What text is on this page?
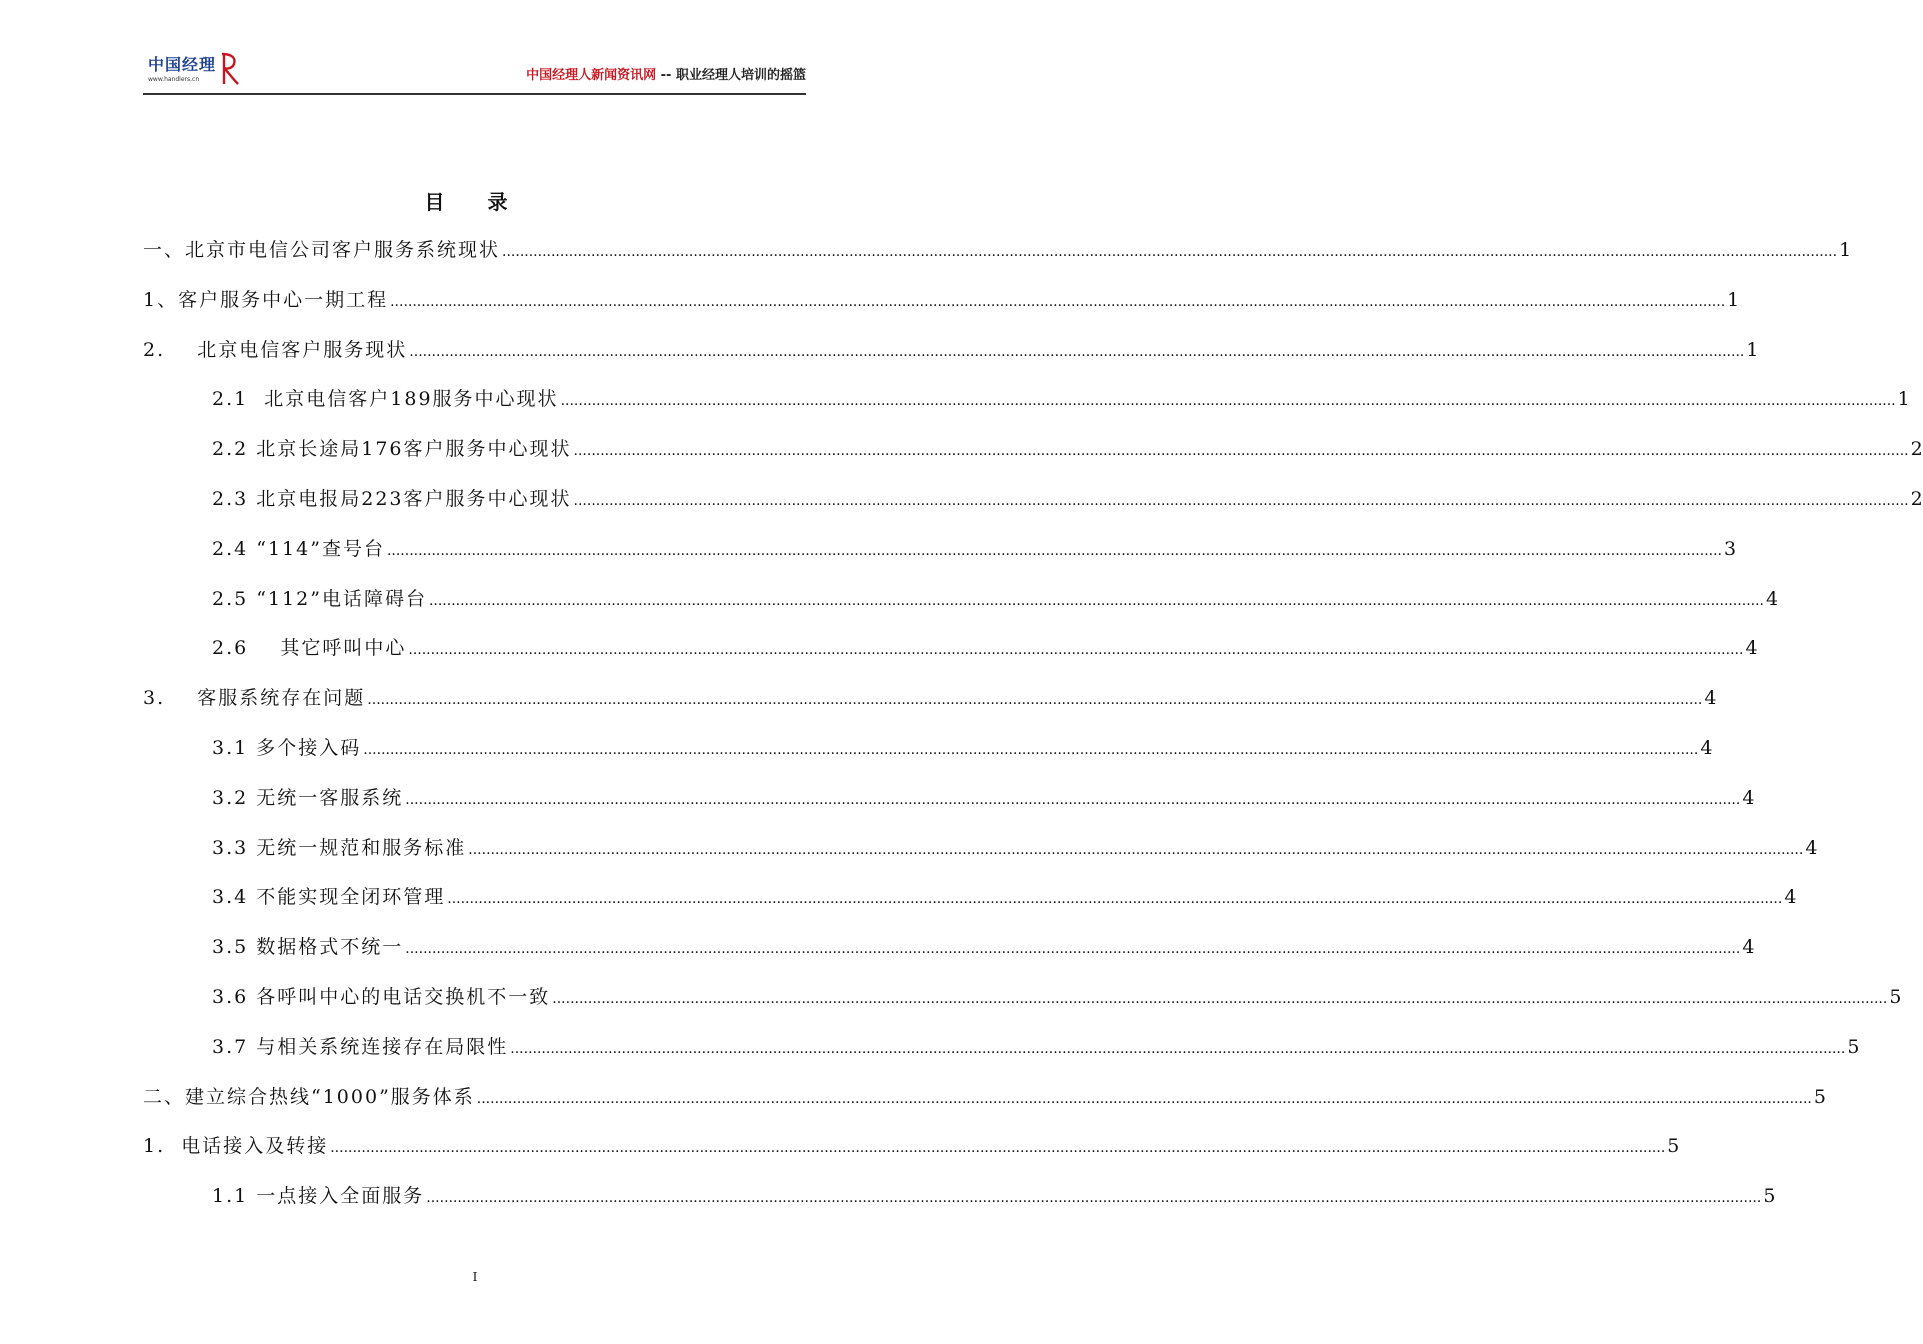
中国经理
www.handlers.cn	中国经理人新闻资讯网 -- 职业经理人培训的摇篮
目 录
一、北京市电信公司客户服务系统现状 ............................................................................................................................................................................................................................................................................................................ 1
1、客户服务中心一期工程 ............................................................................................................................................................................................................................................................................................................ 1
2.    北京电信客户服务现状 ............................................................................................................................................................................................................................................................................................................ 1
2.1  北京电信客户189服务中心现状 ............................................................................................................................................................................................................................................................................................................ 1
2.2 北京长途局176客户服务中心现状 ............................................................................................................................................................................................................................................................................................................ 2
2.3 北京电报局223客户服务中心现状 ............................................................................................................................................................................................................................................................................................................ 2
2.4 “114”查号台 ............................................................................................................................................................................................................................................................................................................ 3
2.5 “112”电话障碍台 ............................................................................................................................................................................................................................................................................................................ 4
2.6    其它呼叫中心 ............................................................................................................................................................................................................................................................................................................ 4
3.    客服系统存在问题 ............................................................................................................................................................................................................................................................................................................ 4
3.1 多个接入码 ............................................................................................................................................................................................................................................................................................................ 4
3.2 无统一客服系统 ............................................................................................................................................................................................................................................................................................................ 4
3.3 无统一规范和服务标准 ............................................................................................................................................................................................................................................................................................................ 4
3.4 不能实现全闭环管理 ............................................................................................................................................................................................................................................................................................................ 4
3.5 数据格式不统一 ............................................................................................................................................................................................................................................................................................................ 4
3.6 各呼叫中心的电话交换机不一致 ............................................................................................................................................................................................................................................................................................................ 5
3.7 与相关系统连接存在局限性 ............................................................................................................................................................................................................................................................................................................ 5
二、建立综合热线“1000”服务体系 ............................................................................................................................................................................................................................................................................................................ 5
1.  电话接入及转接 ............................................................................................................................................................................................................................................................................................................ 5
1.1 一点接入全面服务 ............................................................................................................................................................................................................................................................................................................ 5
I
